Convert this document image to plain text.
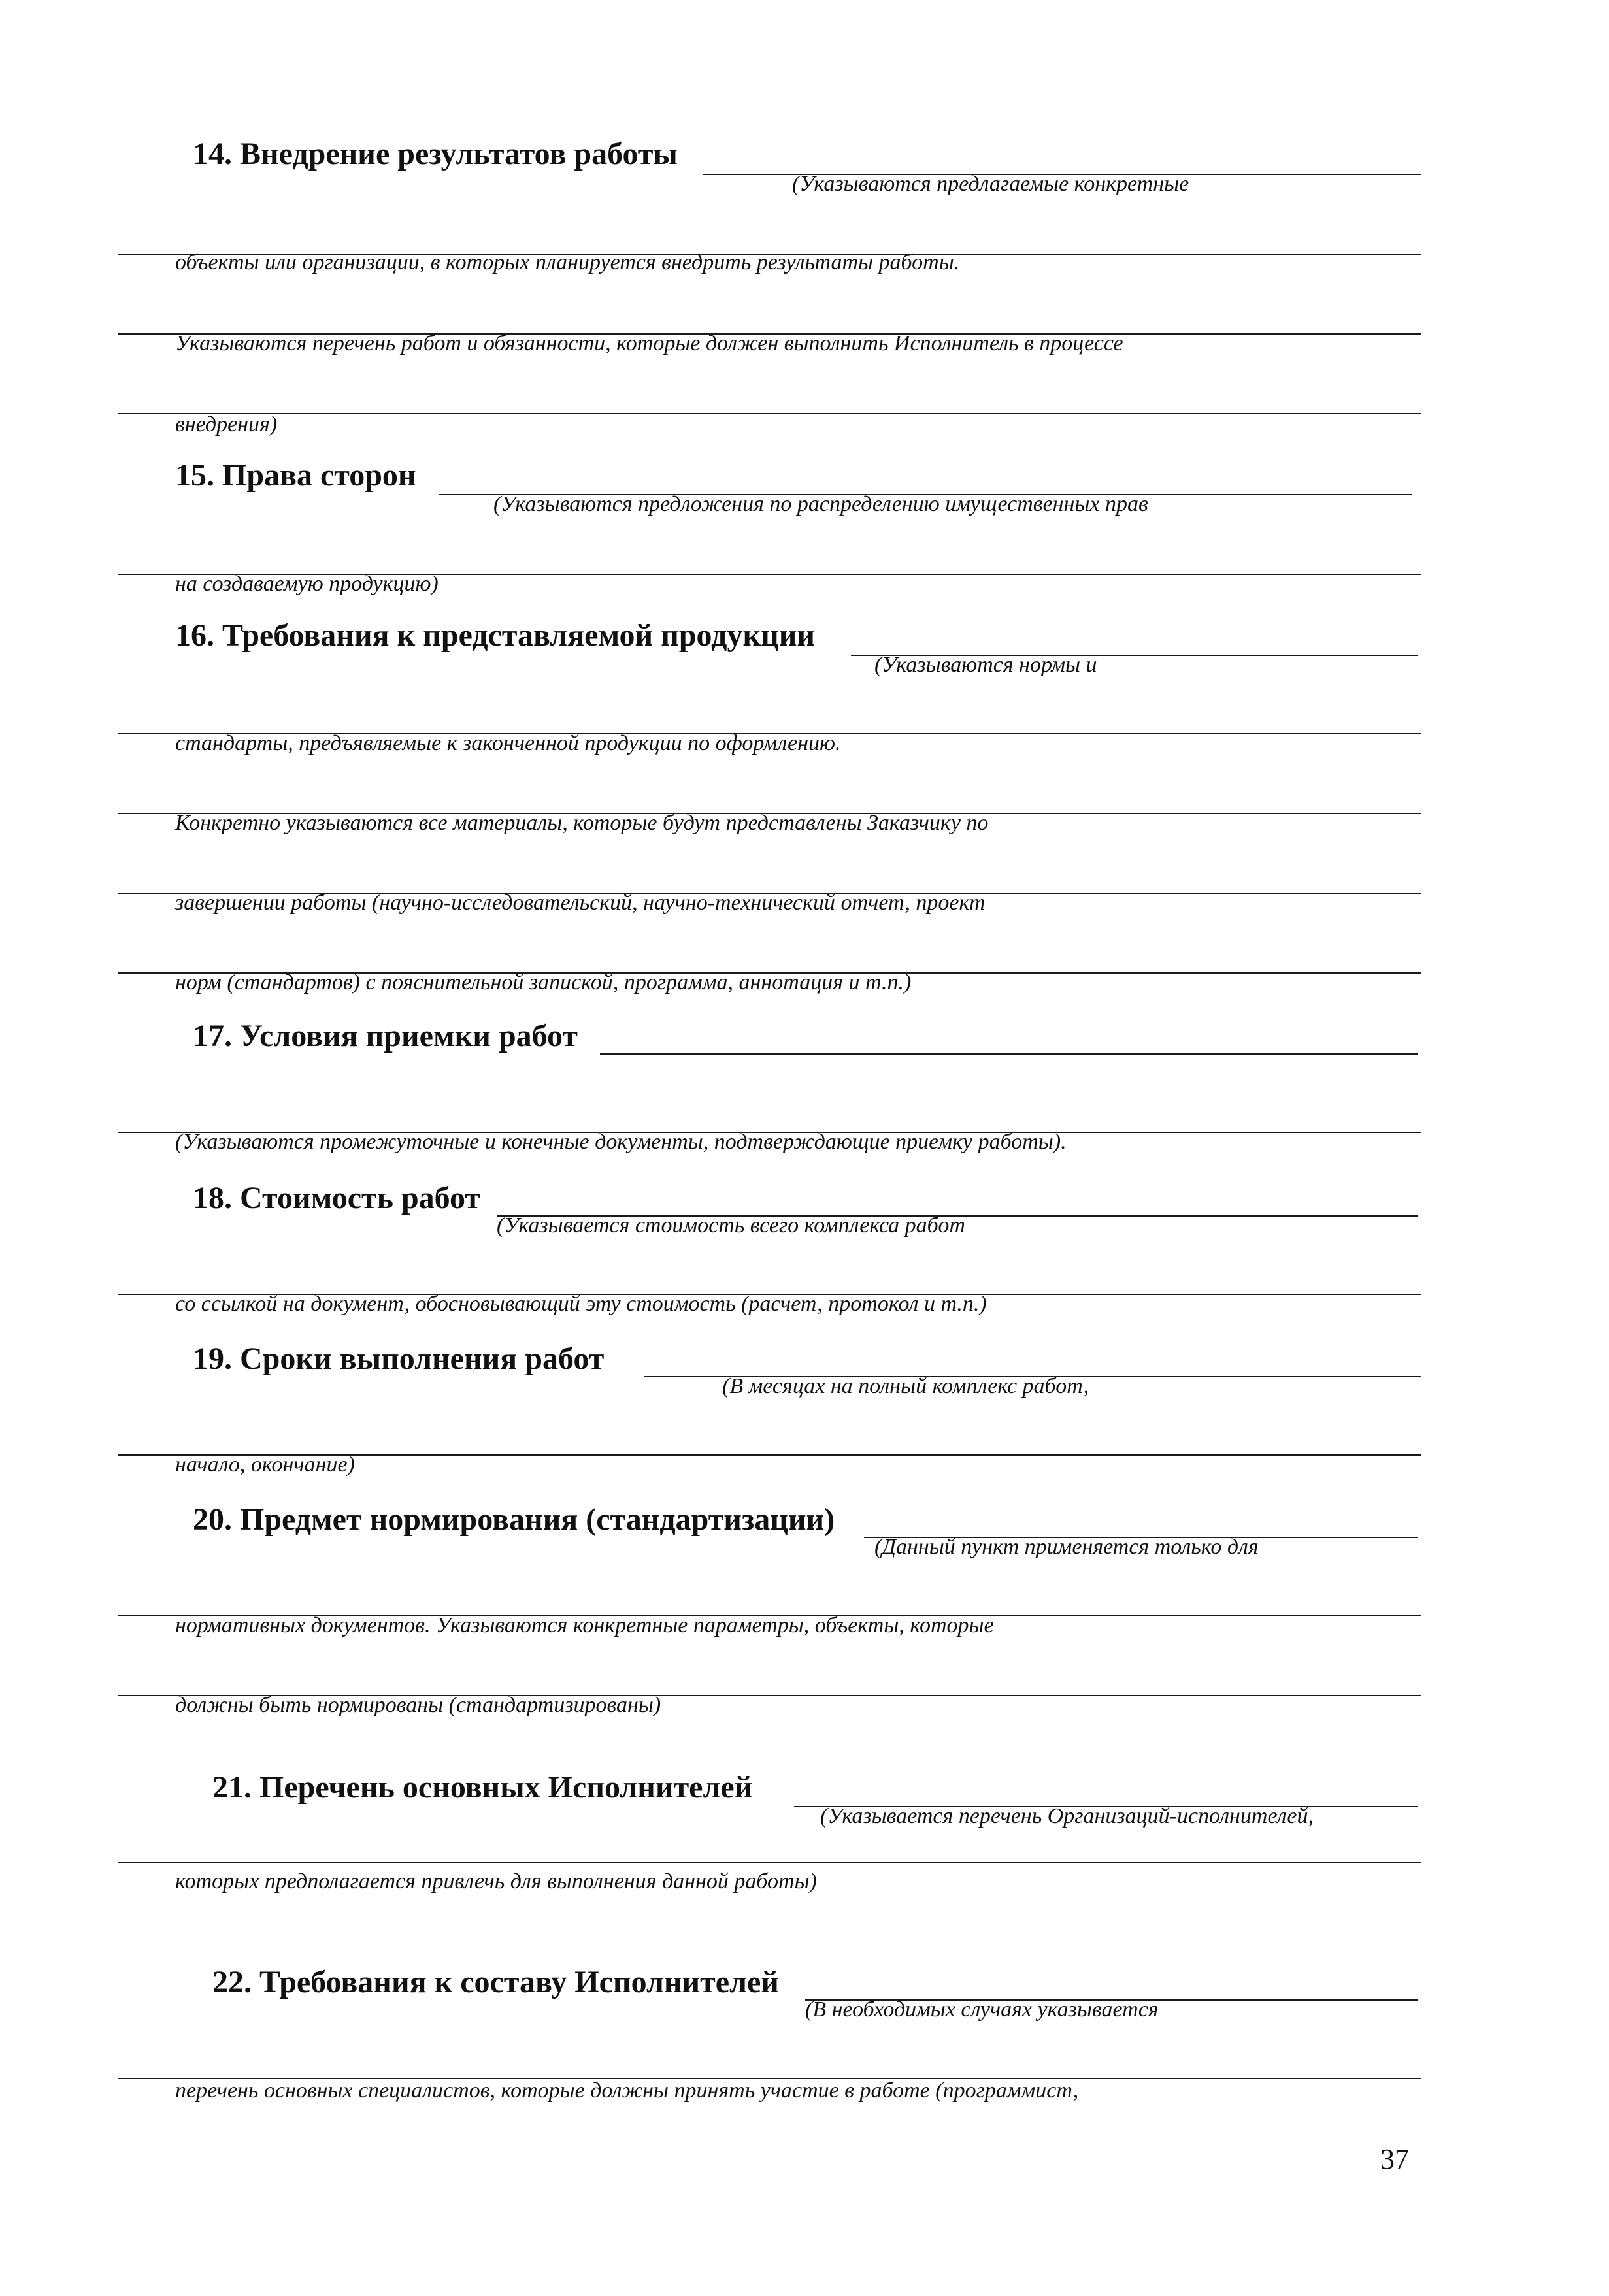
14. Внедрение результатов работы
(Указываются предлагаемые конкретные
объекты или организации, в которых планируется внедрить результаты работы.
Указываются перечень работ и обязанности, которые должен выполнить Исполнитель в процессе
внедрения)
15. Права сторон
(Указываются предложения по распределению имущественных прав
на создаваемую продукцию)
16. Требования к представляемой продукции
(Указываются нормы и
стандарты, предъявляемые к законченной продукции по оформлению.
Конкретно указываются все материалы, которые будут представлены Заказчику по
завершении работы (научно-исследовательский, научно-технический отчет, проект
норм (стандартов) с пояснительной запиской, программа, аннотация и т.п.)
17. Условия приемки работ
(Указываются промежуточные и конечные документы, подтверждающие приемку работы).
18. Стоимость работ
(Указывается стоимость всего комплекса работ
со ссылкой на документ, обосновывающий эту стоимость (расчет, протокол и т.п.)
19. Сроки выполнения работ
(В месяцах на полный комплекс работ,
начало, окончание)
20. Предмет нормирования (стандартизации)
(Данный пункт применяется только для
нормативных документов. Указываются конкретные параметры, объекты, которые
должны быть нормированы (стандартизированы)
21. Перечень основных Исполнителей
(Указывается перечень Организаций-исполнителей,
которых предполагается привлечь для выполнения данной работы)
22. Требования к составу Исполнителей
(В необходимых случаях указывается
перечень основных специалистов, которые должны принять участие в работе (программист,
37
